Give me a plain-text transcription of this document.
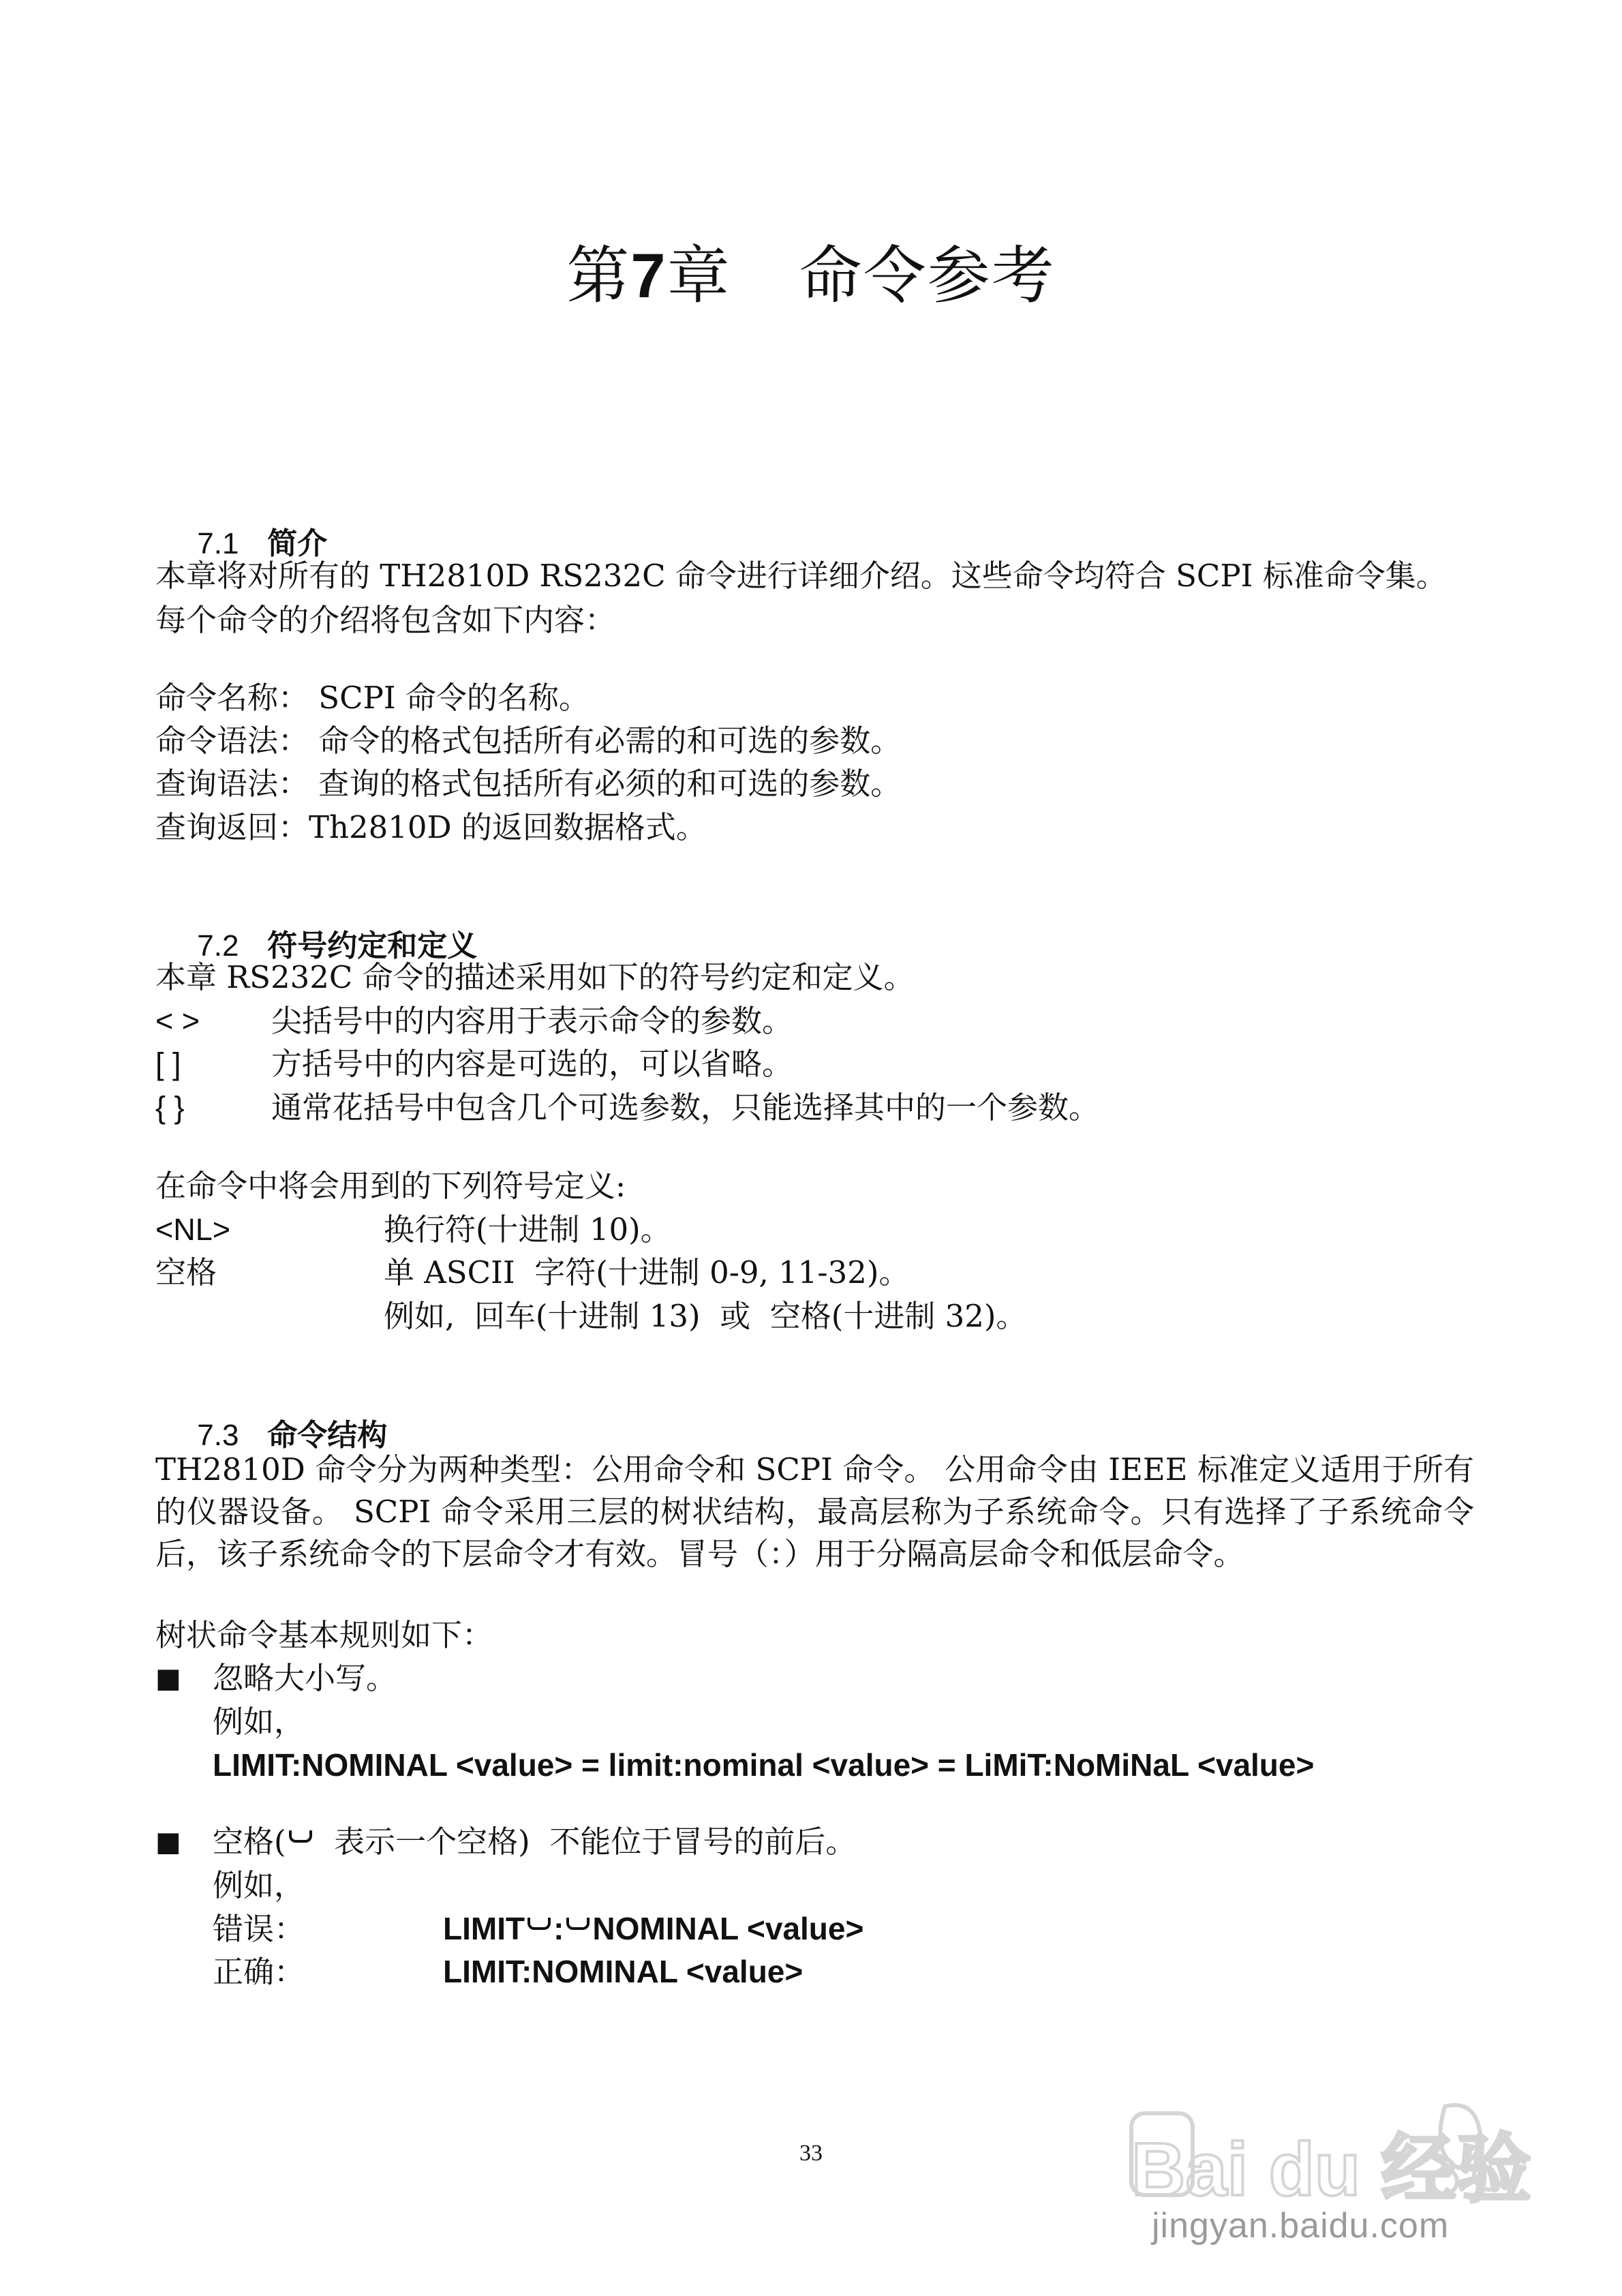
第7章 命令参考

7.1 简介

本章将对所有的 TH2810D RS232C 命令进行详细介绍。这些命令均符合 SCPI 标准命令集。
每个命令的介绍将包含如下内容：
命令名称： SCPI 命令的名称。
命令语法： 命令的格式包括所有必需的和可选的参数。
查询语法： 查询的格式包括所有必须的和可选的参数。
查询返回：Th2810D 的返回数据格式。

7.2 符号约定和定义

本章 RS232C 命令的描述采用如下的符号约定和定义。
< > 尖括号中的内容用于表示命令的参数。
[ ]	方括号中的内容是可选的，可以省略。
{ }	通常花括号中包含几个可选参数，只能选择其中的一个参数。
在命令中将会用到的下列符号定义:
<NL>	换行符(十进制 10)。
空格	单 ASCII  字符(十进制 0-9, 11-32)。
例如,  回车(十进制 13)  或  空格(十进制 32)。

7.3 命令结构

TH2810D 命令分为两种类型：公用命令和 SCPI 命令。 公用命令由 IEEE 标准定义适用于所有的仪器设备。 SCPI 命令采用三层的树状结构，最高层称为子系统命令。只有选择了子系统命令后，该子系统命令的下层命令才有效。冒号（：）用于分隔高层命令和低层命令。
树状命令基本规则如下：
■ 忽略大小写。
例如，
LIMIT:NOMINAL <value> = limit:nominal <value> = LiMiT:NoMiNaL <value>
■ 空格(  表示一个空格)  不能位于冒号的前后。
例如，
错误：	LIMIT : NOMINAL <value>
正确：	LIMIT:NOMINAL <value>
33	Bai du 经验
jingyan.baidu.com
